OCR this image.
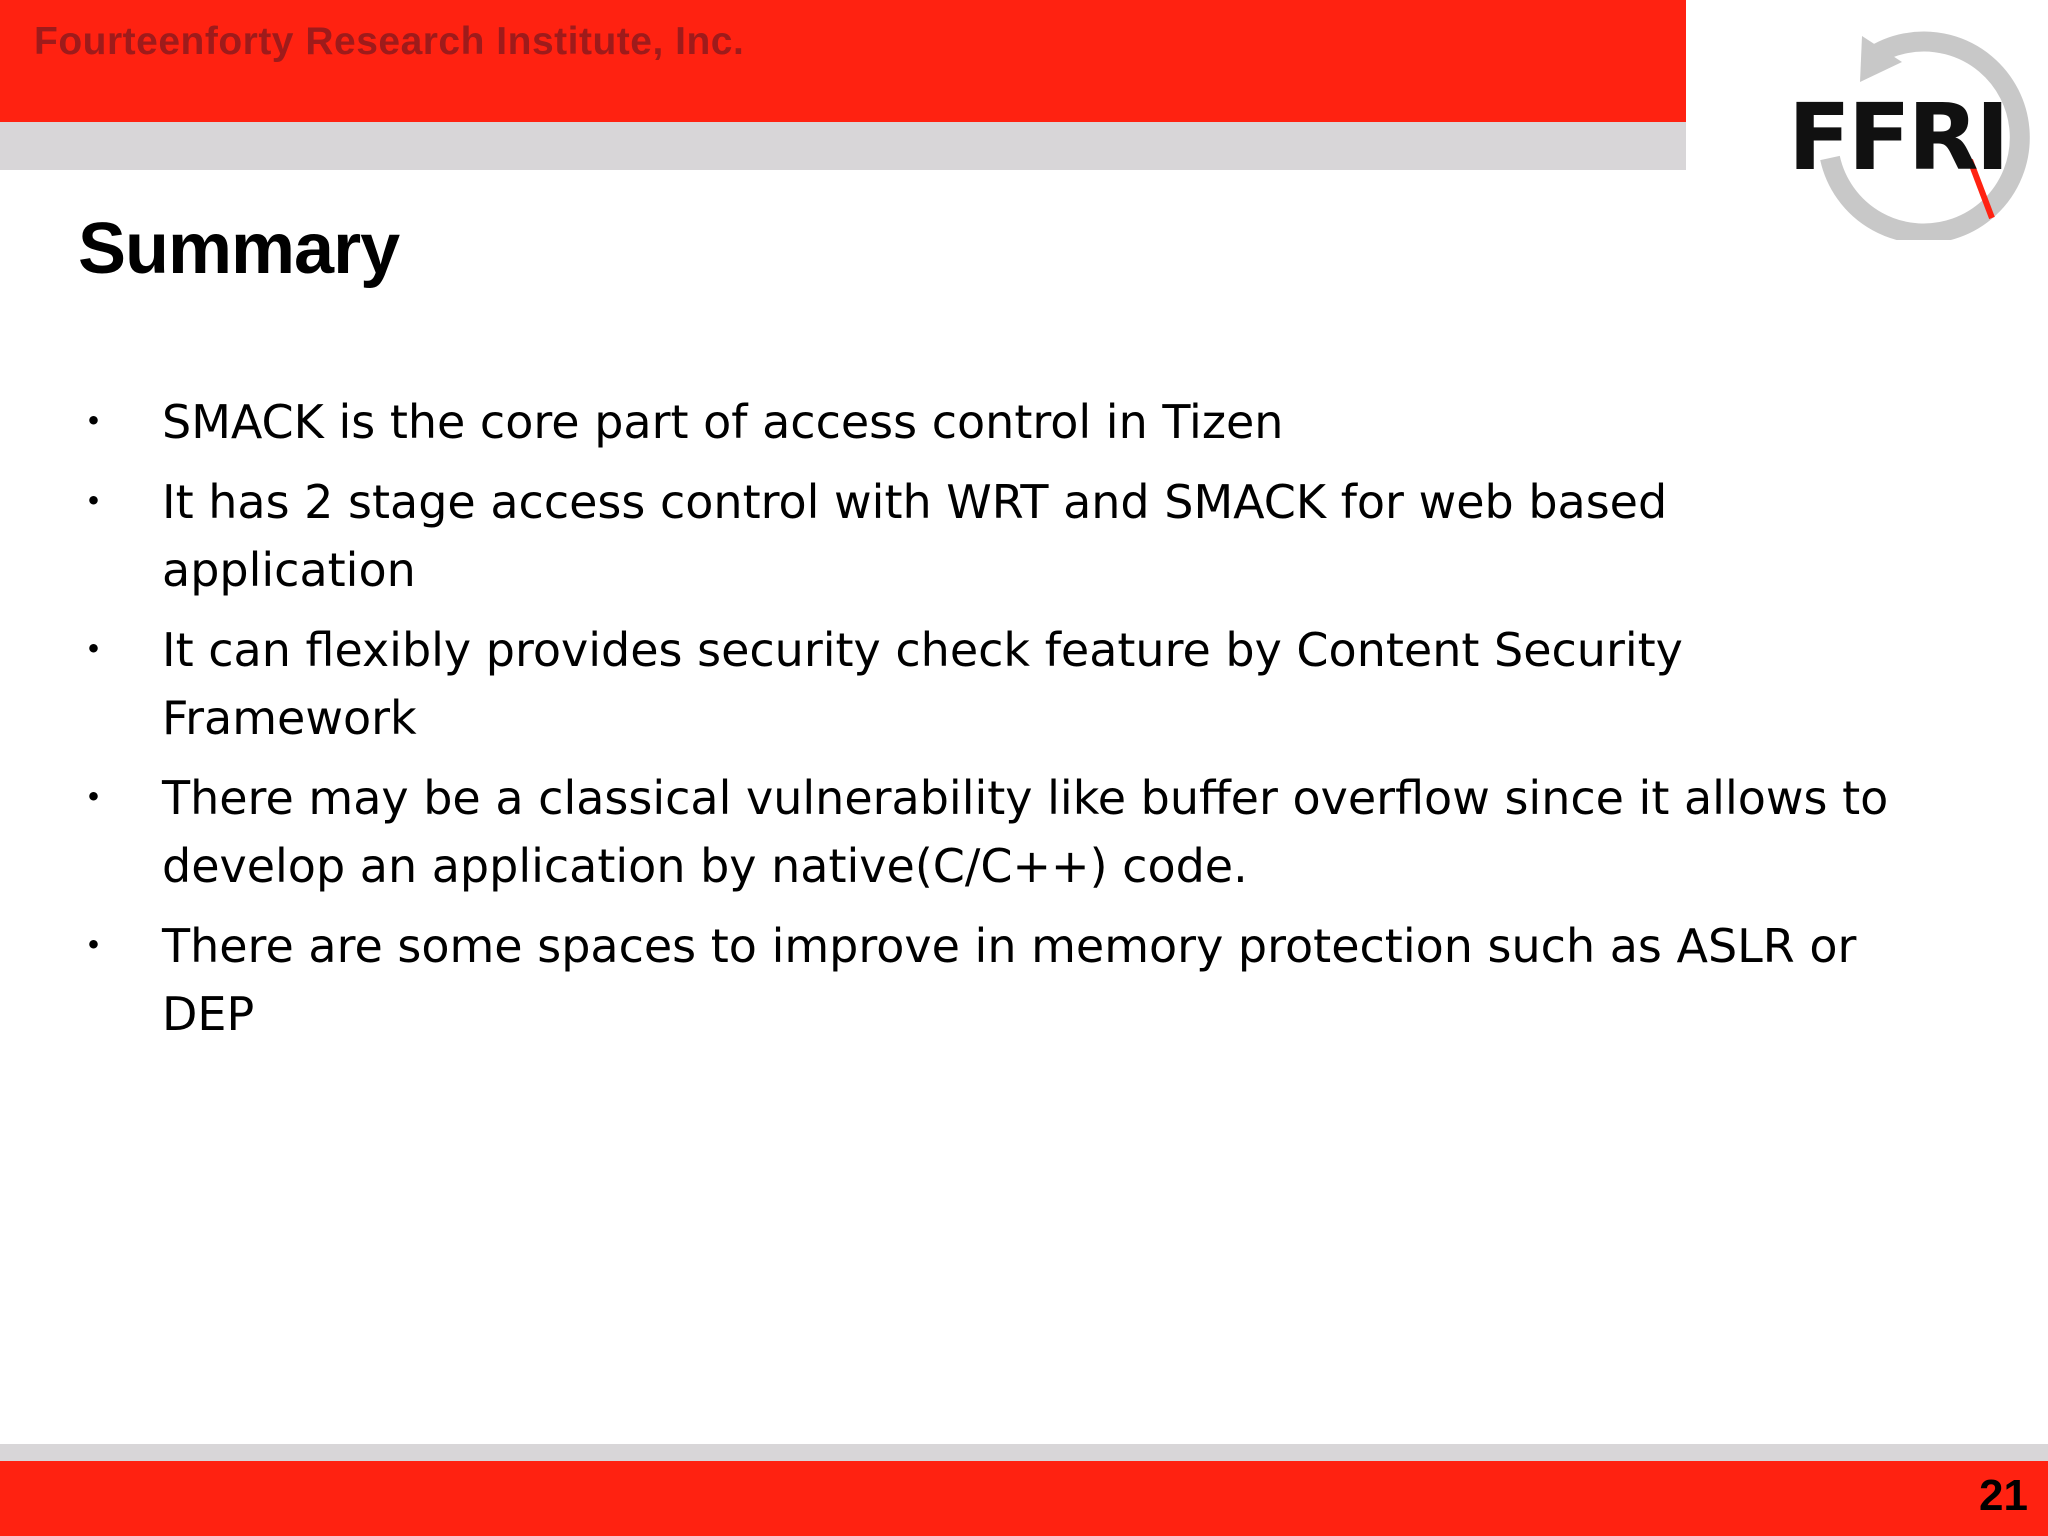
Fourteenforty Research Institute, Inc.
FFRI
Summary
･	SMACK is the core part of access control in Tizen
･	It has 2 stage access control with WRT and SMACK for web based application
･	It can flexibly provides security check feature by Content Security Framework
･	There may be a classical vulnerability like buffer overflow since it allows to develop an application by native(C/C++) code.
･	There are some spaces to improve in memory protection such as ASLR or DEP
21
